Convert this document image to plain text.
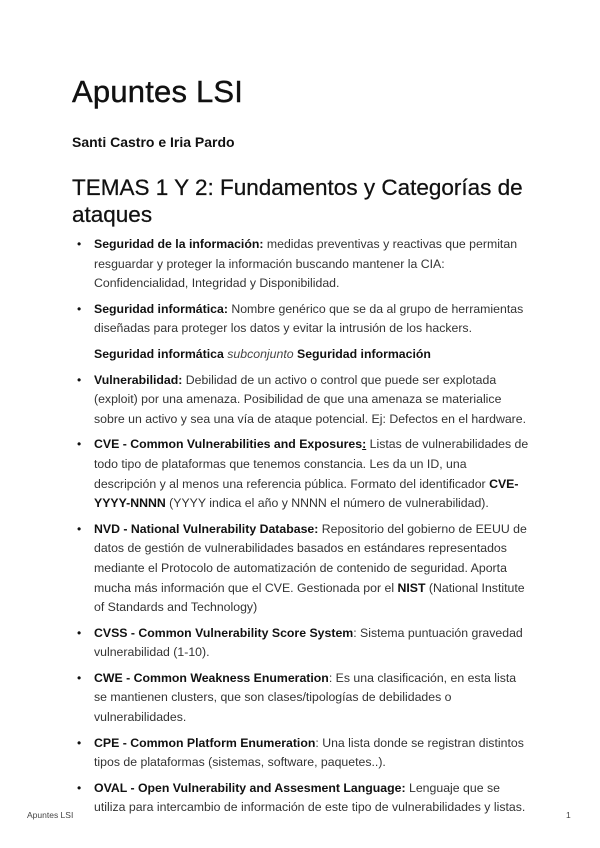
Apuntes LSI

Santi Castro e Iria Pardo

TEMAS 1 Y 2: Fundamentos y Categorías de ataques
• Seguridad de la información: medidas preventivas y reactivas que permitan resguardar y proteger la información buscando mantener la CIA: Confidencialidad, Integridad y Disponibilidad.
• Seguridad informática: Nombre genérico que se da al grupo de herramientas diseñadas para proteger los datos y evitar la intrusión de los hackers.

Seguridad informática subconjunto Seguridad información

• Vulnerabilidad: Debilidad de un activo o control que puede ser explotada (exploit) por una amenaza. Posibilidad de que una amenaza se materialice sobre un activo y sea una vía de ataque potencial. Ej: Defectos en el hardware.
• CVE - Common Vulnerabilities and Exposures: Listas de vulnerabilidades de todo tipo de plataformas que tenemos constancia. Les da un ID, una descripción y al menos una referencia pública. Formato del identificador CVE-YYYY-NNNN (YYYY indica el año y NNNN el número de vulnerabilidad).
• NVD - National Vulnerability Database: Repositorio del gobierno de EEUU de datos de gestión de vulnerabilidades basados en estándares representados mediante el Protocolo de automatización de contenido de seguridad. Aporta mucha más información que el CVE. Gestionada por el NIST (National Institute of Standards and Technology)
• CVSS - Common Vulnerability Score System: Sistema puntuación gravedad vulnerabilidad (1-10).
• CWE - Common Weakness Enumeration: Es una clasificación, en esta lista se mantienen clusters, que son clases/tipologías de debilidades o vulnerabilidades.
• CPE - Common Platform Enumeration: Una lista donde se registran distintos tipos de plataformas (sistemas, software, paquetes..).
• OVAL - Open Vulnerability and Assesment Language: Lenguaje que se utiliza para intercambio de información de este tipo de vulnerabilidades y listas.
Apuntes LSI	1
